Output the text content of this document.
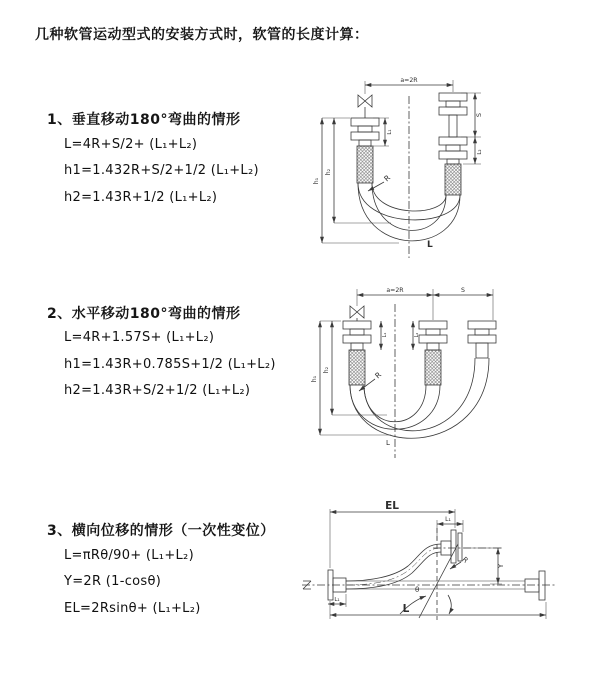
几种软管运动型式的安装方式时，软管的长度计算：
1、垂直移动180°弯曲的情形
L=4R+S/2+ (L₁+L₂)
h1=1.432R+S/2+1/2 (L₁+L₂)
h2=1.43R+1/2 (L₁+L₂)
2、水平移动180°弯曲的情形
L=4R+1.57S+ (L₁+L₂)
h1=1.43R+0.785S+1/2 (L₁+L₂)
h2=1.43R+S/2+1/2 (L₁+L₂)
3、横向位移的情形（一次性变位）
L=πRθ/90+ (L₁+L₂)
Y=2R (1-cosθ)
EL=2Rsinθ+ (L₁+L₂)
a=2R
h₁
h₂
L₁
S
L₂
R
L
a=2R	S
h₁
h₂
L₁	L₂
R
L
EL
L₁
Y
θ
R
L
L₁
